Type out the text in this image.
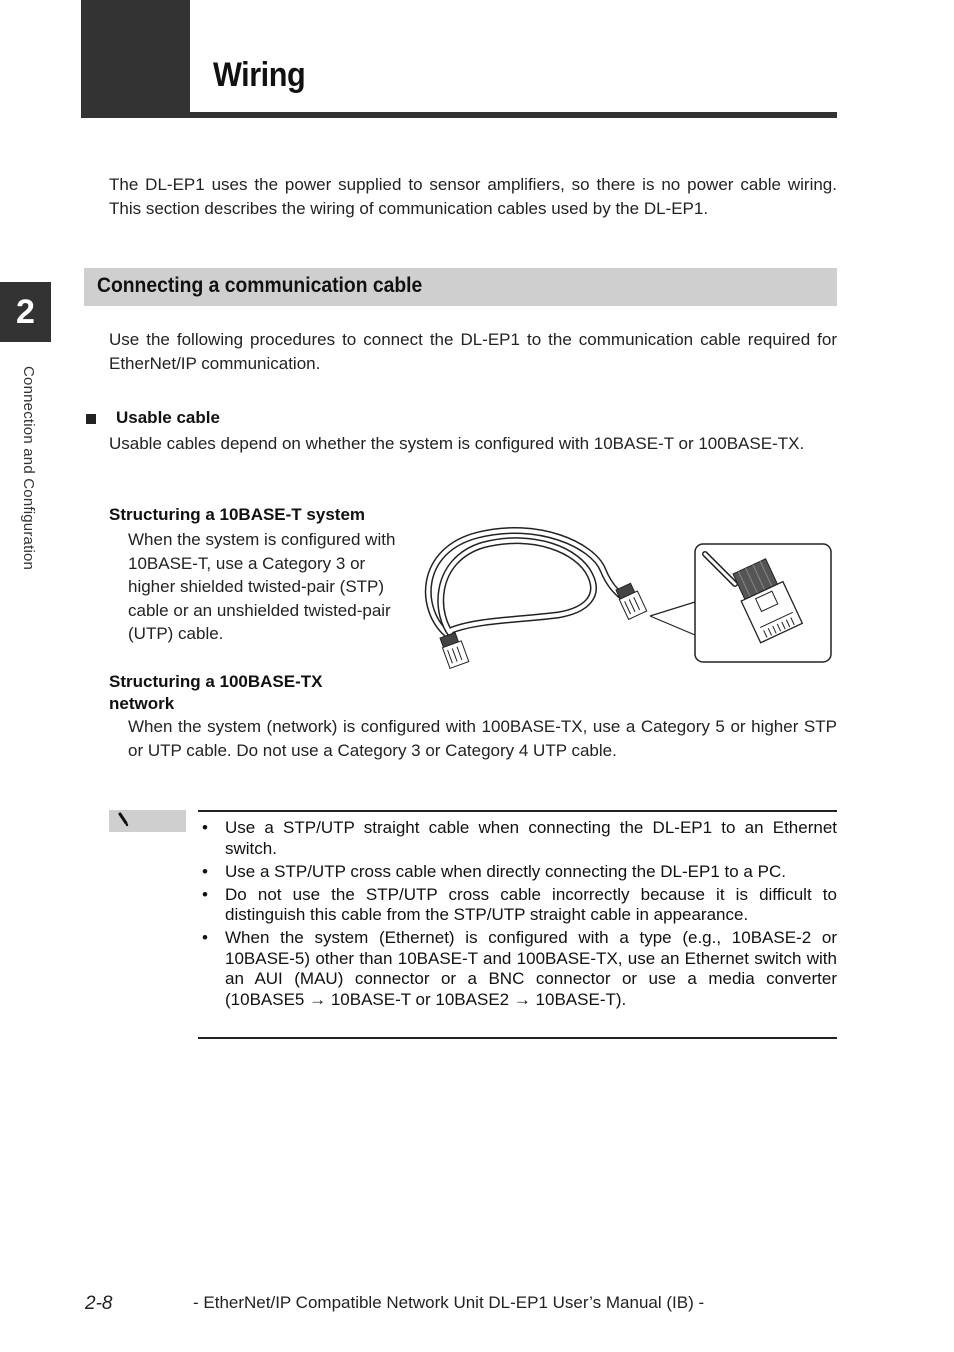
Wiring
2
Connection and Configuration
The DL-EP1 uses the power supplied to sensor amplifiers, so there is no power cable wiring. This section describes the wiring of communication cables used by the DL-EP1.
Connecting a communication cable
Use the following procedures to connect the DL-EP1 to the communication cable required for EtherNet/IP communication.
Usable cable
Usable cables depend on whether the system is configured with 10BASE-T or 100BASE-TX.
Structuring a 10BASE-T system
When the system is configured with 10BASE-T, use a Category 3 or higher shielded twisted-pair (STP) cable or an unshielded twisted-pair (UTP) cable.
Structuring a 100BASE-TX network
When the system (network) is configured with 100BASE-TX, use a Category 5 or higher STP or UTP cable. Do not use a Category 3 or Category 4 UTP cable.
• Use a STP/UTP straight cable when connecting the DL-EP1 to an Ethernet switch.
• Use a STP/UTP cross cable when directly connecting the DL-EP1 to a PC.
• Do not use the STP/UTP cross cable incorrectly because it is difficult to distinguish this cable from the STP/UTP straight cable in appearance.
• When the system (Ethernet) is configured with a type (e.g., 10BASE-2 or 10BASE-5) other than 10BASE-T and 100BASE-TX, use an Ethernet switch with an AUI (MAU) connector or a BNC connector or use a media converter (10BASE5 → 10BASE-T or 10BASE2 → 10BASE-T).
2-8	- EtherNet/IP Compatible Network Unit DL-EP1 User’s Manual (IB) -
